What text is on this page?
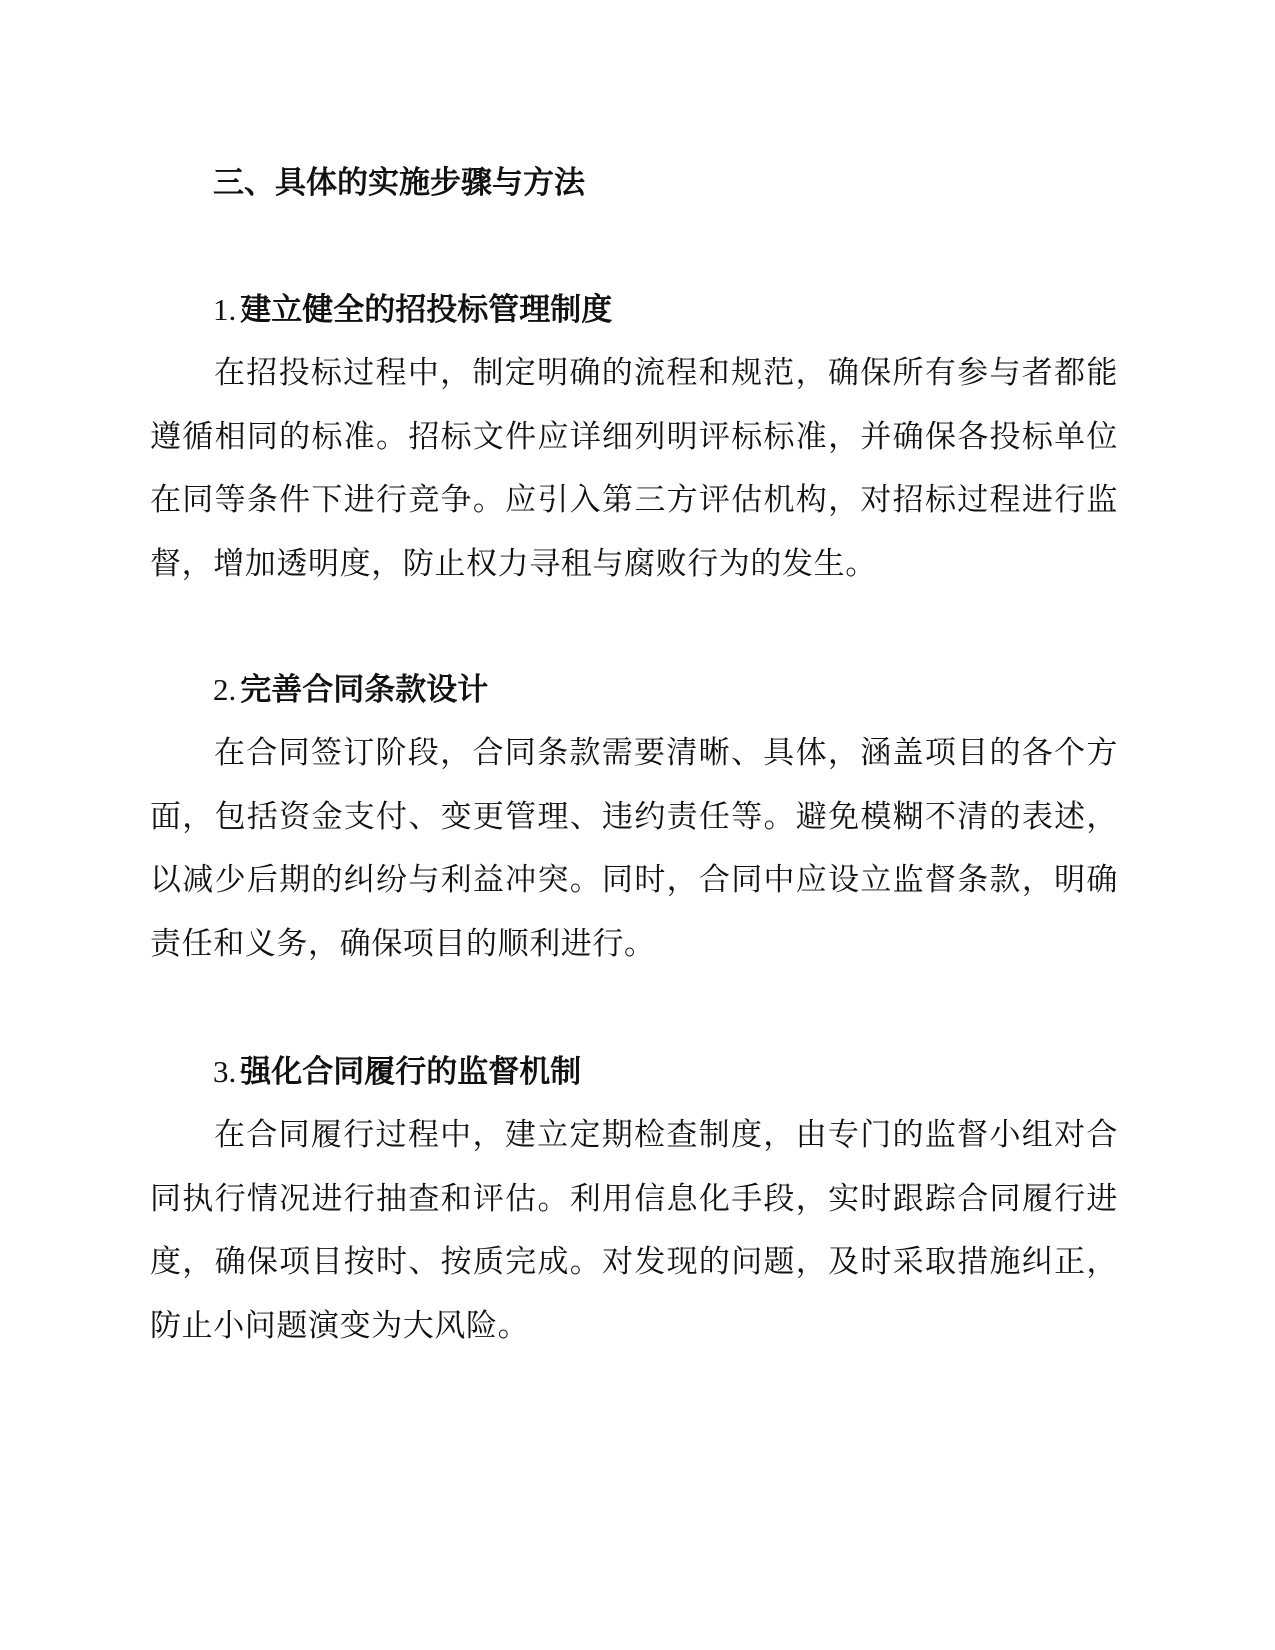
三、具体的实施步骤与方法
1. 建立健全的招投标管理制度

在招投标过程中，制定明确的流程和规范，确保所有参与者都能遵循相同的标准。招标文件应详细列明评标标准，并确保各投标单位在同等条件下进行竞争。应引入第三方评估机构，对招标过程进行监督，增加透明度，防止权力寻租与腐败行为的发生。

2. 完善合同条款设计

在合同签订阶段，合同条款需要清晰、具体，涵盖项目的各个方面，包括资金支付、变更管理、违约责任等。避免模糊不清的表述，以减少后期的纠纷与利益冲突。同时，合同中应设立监督条款，明确责任和义务，确保项目的顺利进行。

3. 强化合同履行的监督机制

在合同履行过程中，建立定期检查制度，由专门的监督小组对合同执行情况进行抽查和评估。利用信息化手段，实时跟踪合同履行进度，确保项目按时、按质完成。对发现的问题，及时采取措施纠正，防止小问题演变为大风险。
